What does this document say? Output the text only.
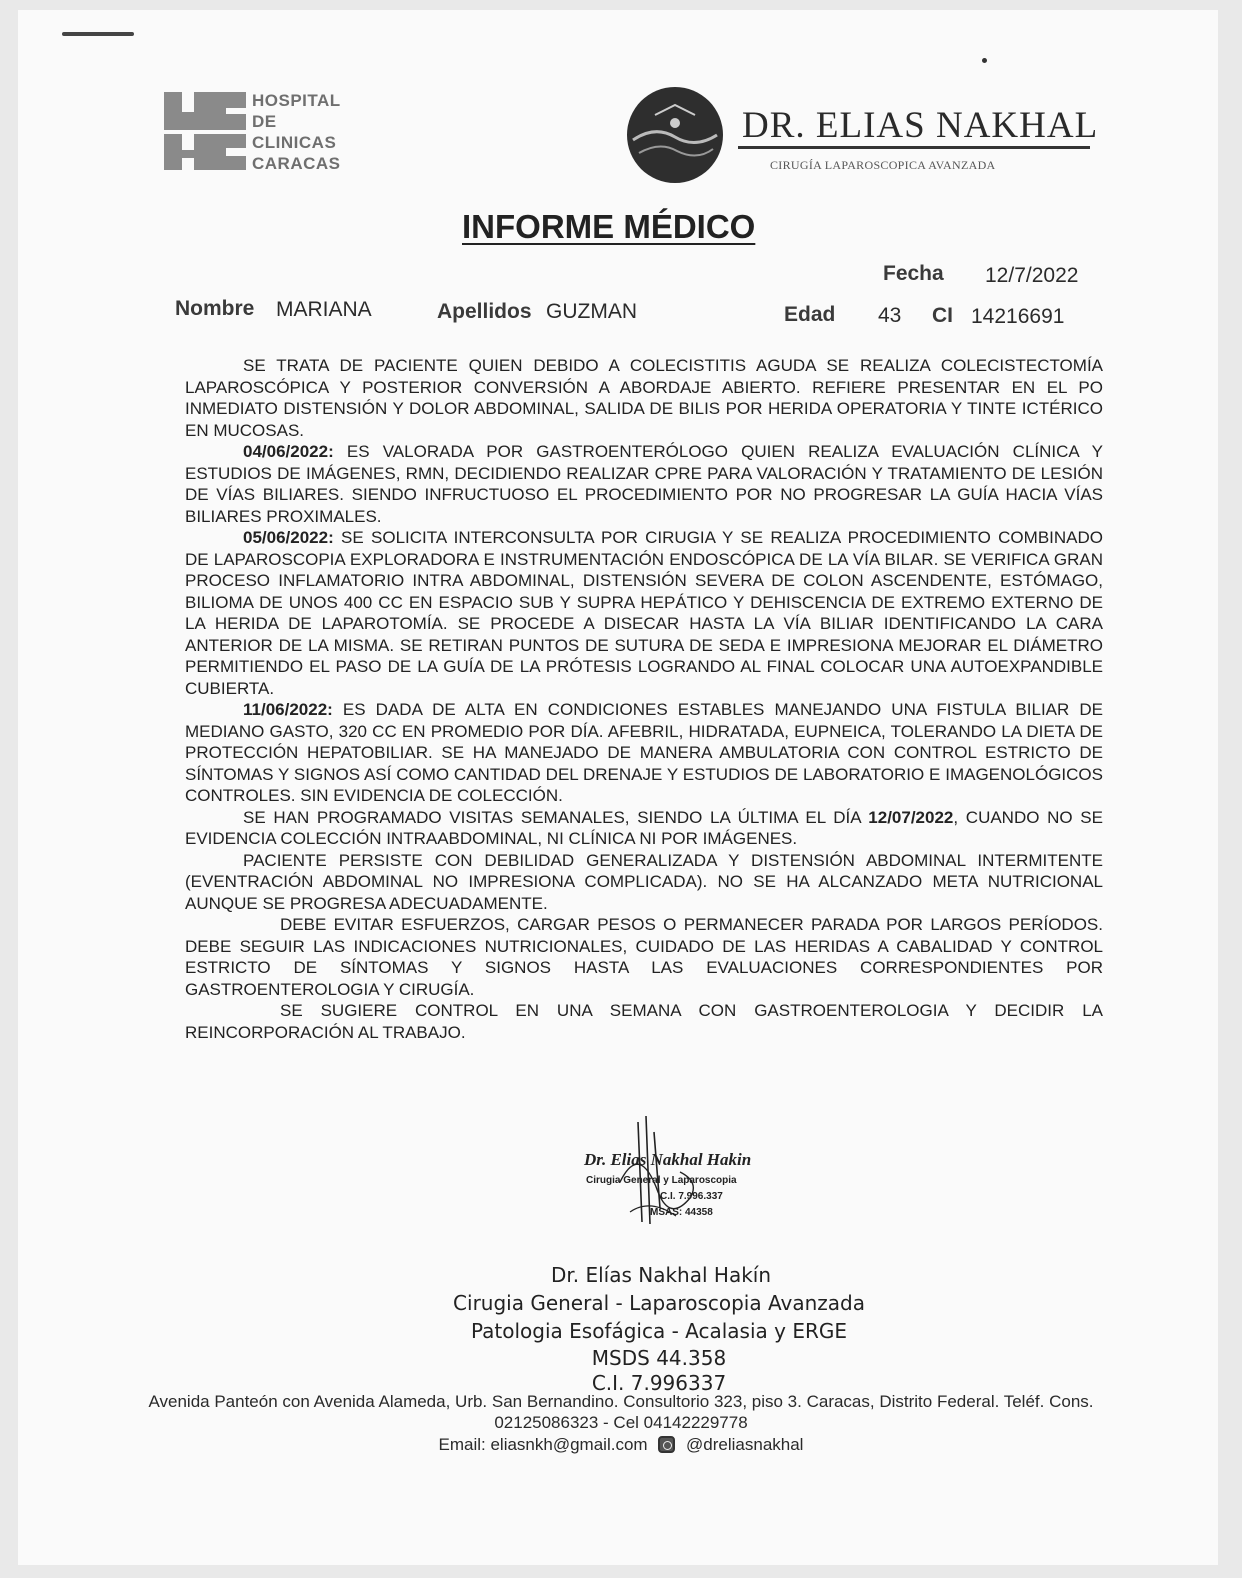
HOSPITAL
DE
CLINICAS
CARACAS
DR. ELIAS NAKHAL
CIRUGÍA LAPAROSCOPICA AVANZADA
INFORME MÉDICO
Fecha 12/7/2022
Nombre MARIANA	Apellidos GUZMAN	Edad 43 CI 14216691

SE TRATA DE PACIENTE QUIEN DEBIDO A COLECISTITIS AGUDA SE REALIZA COLECISTECTOMÍA LAPAROSCÓPICA Y POSTERIOR CONVERSIÓN A ABORDAJE ABIERTO. REFIERE PRESENTAR EN EL PO INMEDIATO DISTENSIÓN Y DOLOR ABDOMINAL, SALIDA DE BILIS POR HERIDA OPERATORIA Y TINTE ICTÉRICO EN MUCOSAS.

04/06/2022: ES VALORADA POR GASTROENTERÓLOGO QUIEN REALIZA EVALUACIÓN CLÍNICA Y ESTUDIOS DE IMÁGENES, RMN, DECIDIENDO REALIZAR CPRE PARA VALORACIÓN Y TRATAMIENTO DE LESIÓN DE VÍAS BILIARES. SIENDO INFRUCTUOSO EL PROCEDIMIENTO POR NO PROGRESAR LA GUÍA HACIA VÍAS BILIARES PROXIMALES.

05/06/2022: SE SOLICITA INTERCONSULTA POR CIRUGIA Y SE REALIZA PROCEDIMIENTO COMBINADO DE LAPAROSCOPIA EXPLORADORA E INSTRUMENTACIÓN ENDOSCÓPICA DE LA VÍA BILAR. SE VERIFICA GRAN PROCESO INFLAMATORIO INTRA ABDOMINAL, DISTENSIÓN SEVERA DE COLON ASCENDENTE, ESTÓMAGO, BILIOMA DE UNOS 400 CC EN ESPACIO SUB Y SUPRA HEPÁTICO Y DEHISCENCIA DE EXTREMO EXTERNO DE LA HERIDA DE LAPAROTOMÍA. SE PROCEDE A DISECAR HASTA LA VÍA BILIAR IDENTIFICANDO LA CARA ANTERIOR DE LA MISMA. SE RETIRAN PUNTOS DE SUTURA DE SEDA E IMPRESIONA MEJORAR EL DIÁMETRO PERMITIENDO EL PASO DE LA GUÍA DE LA PRÓTESIS LOGRANDO AL FINAL COLOCAR UNA AUTOEXPANDIBLE CUBIERTA.

11/06/2022: ES DADA DE ALTA EN CONDICIONES ESTABLES MANEJANDO UNA FISTULA BILIAR DE MEDIANO GASTO, 320 CC EN PROMEDIO POR DÍA. AFEBRIL, HIDRATADA, EUPNEICA, TOLERANDO LA DIETA DE PROTECCIÓN HEPATOBILIAR. SE HA MANEJADO DE MANERA AMBULATORIA CON CONTROL ESTRICTO DE SÍNTOMAS Y SIGNOS ASÍ COMO CANTIDAD DEL DRENAJE Y ESTUDIOS DE LABORATORIO E IMAGENOLÓGICOS CONTROLES. SIN EVIDENCIA DE COLECCIÓN.

SE HAN PROGRAMADO VISITAS SEMANALES, SIENDO LA ÚLTIMA EL DÍA 12/07/2022, CUANDO NO SE EVIDENCIA COLECCIÓN INTRAABDOMINAL, NI CLÍNICA NI POR IMÁGENES.

PACIENTE PERSISTE CON DEBILIDAD GENERALIZADA Y DISTENSIÓN ABDOMINAL INTERMITENTE (EVENTRACIÓN ABDOMINAL NO IMPRESIONA COMPLICADA). NO SE HA ALCANZADO META NUTRICIONAL AUNQUE SE PROGRESA ADECUADAMENTE.

DEBE EVITAR ESFUERZOS, CARGAR PESOS O PERMANECER PARADA POR LARGOS PERÍODOS. DEBE SEGUIR LAS INDICACIONES NUTRICIONALES, CUIDADO DE LAS HERIDAS A CABALIDAD Y CONTROL ESTRICTO DE SÍNTOMAS Y SIGNOS HASTA LAS EVALUACIONES CORRESPONDIENTES POR GASTROENTEROLOGIA Y CIRUGÍA.

SE SUGIERE CONTROL EN UNA SEMANA CON GASTROENTEROLOGIA Y DECIDIR LA REINCORPORACIÓN AL TRABAJO.

Dr. Elias Nakhal Hakin
Cirugia General y Laparoscopia
C.I. 7.996.337
MSAS: 44358
Dr. Elías Nakhal Hakín
Cirugia General - Laparoscopia Avanzada
Patologia Esofágica - Acalasia y ERGE
MSDS 44.358
C.I. 7.996337
Avenida Panteón con Avenida Alameda, Urb. San Bernandino. Consultorio 323, piso 3. Caracas, Distrito Federal. Teléf. Cons.
02125086323 - Cel 04142229778
Email: eliasnkh@gmail.com @dreliasnakhal
